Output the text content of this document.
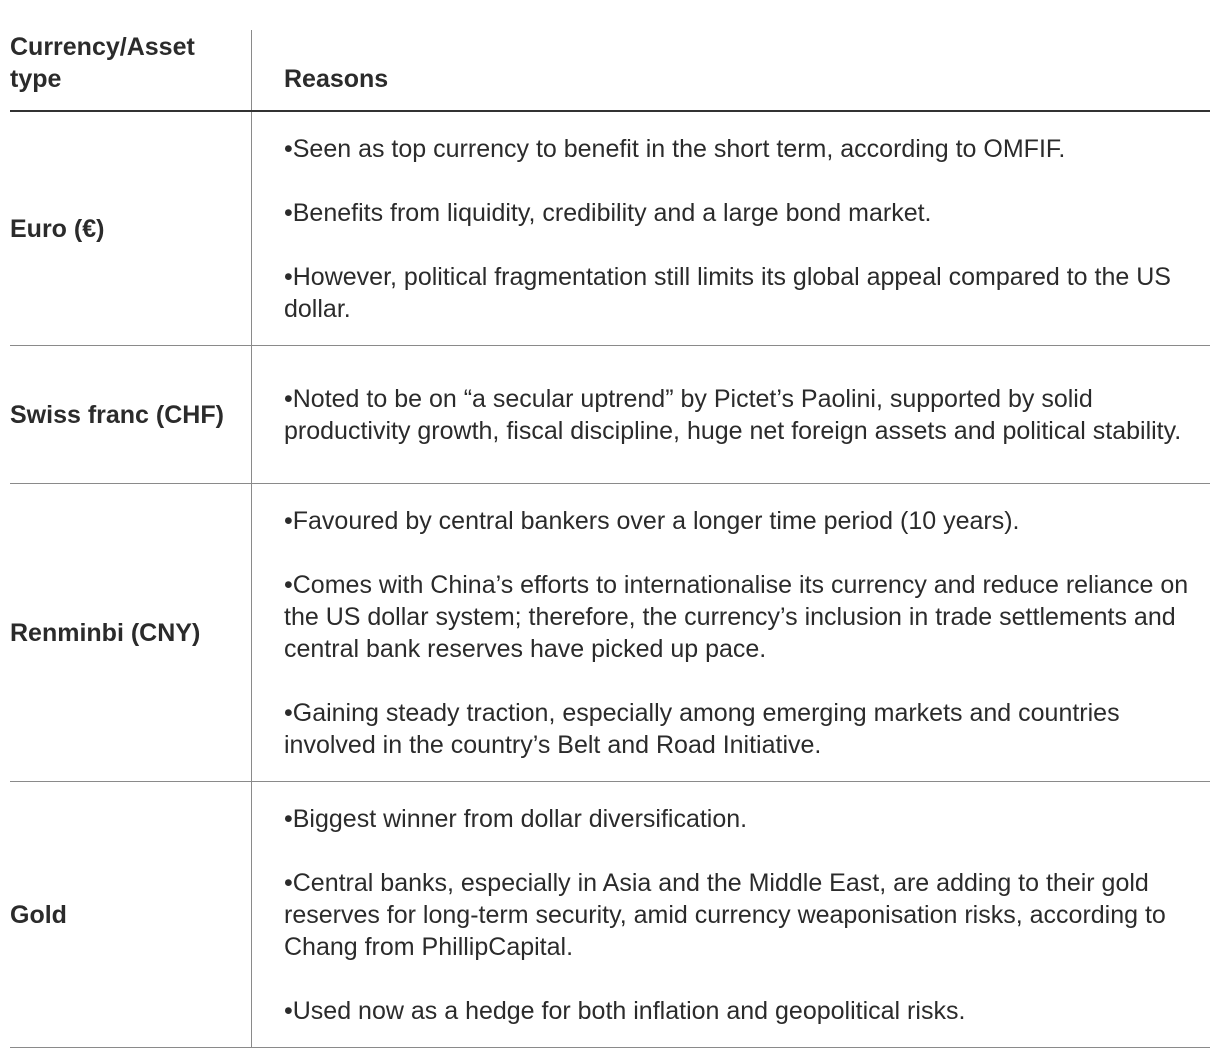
Currency/Asset type	Reasons
Euro (€)

•Seen as top currency to benefit in the short term, according to OMFIF.

•Benefits from liquidity, credibility and a large bond market.

•However, political fragmentation still limits its global appeal compared to the US dollar.

Swiss franc (CHF)

•Noted to be on “a secular uptrend” by Pictet’s Paolini, supported by solid productivity growth, fiscal discipline, huge net foreign assets and political stability.

Renminbi (CNY)

•Favoured by central bankers over a longer time period (10 years).

•Comes with China’s efforts to internationalise its currency and reduce reliance on the US dollar system; therefore, the currency’s inclusion in trade settlements and central bank reserves have picked up pace.

•Gaining steady traction, especially among emerging markets and countries involved in the country’s Belt and Road Initiative.

Gold

•Biggest winner from dollar diversification.

•Central banks, especially in Asia and the Middle East, are adding to their gold reserves for long-term security, amid currency weaponisation risks, according to Chang from PhillipCapital.

•Used now as a hedge for both inflation and geopolitical risks.
